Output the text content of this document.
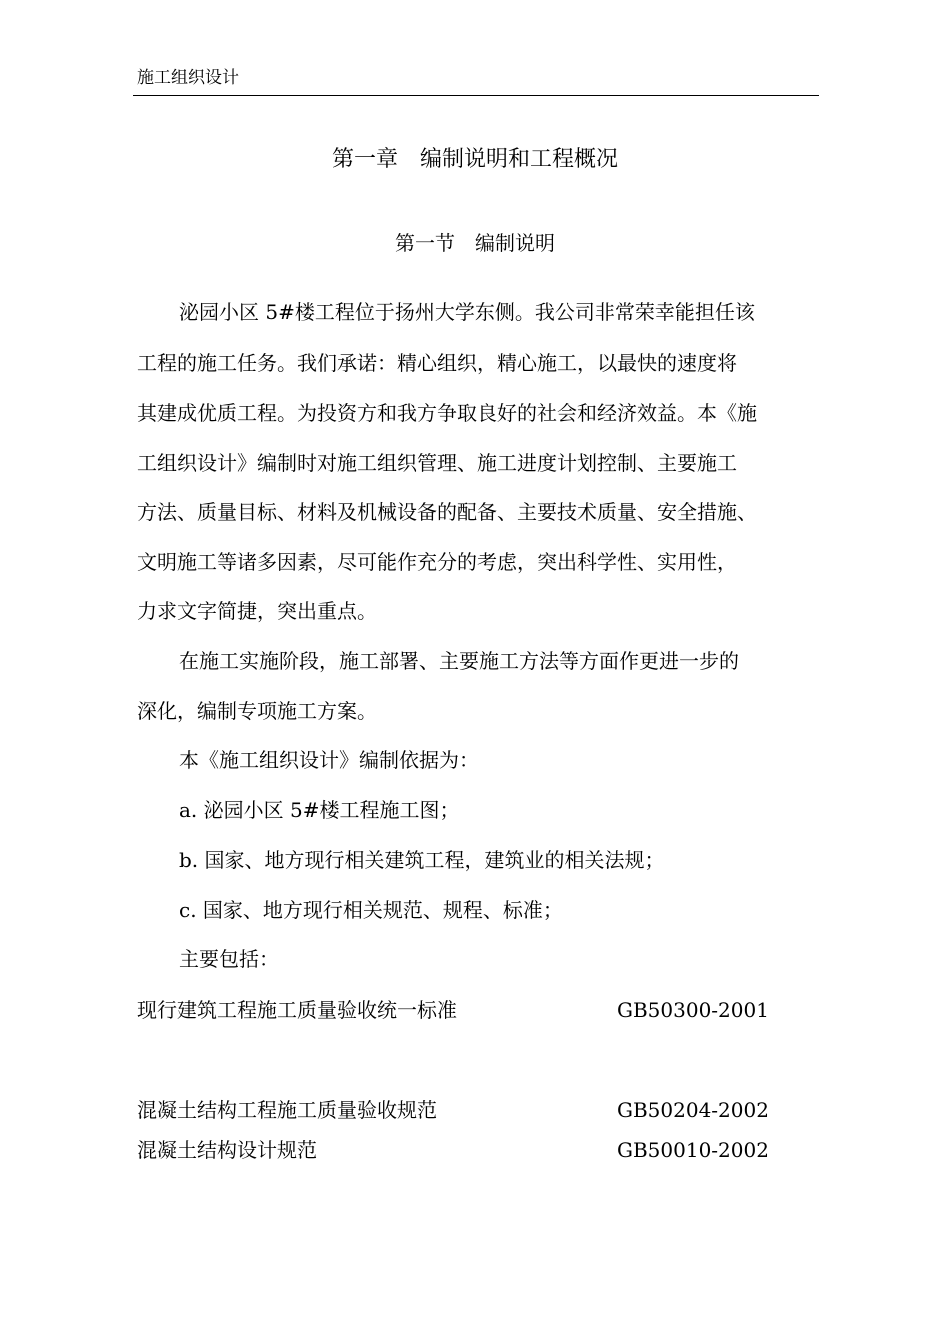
施工组织设计
第一章　编制说明和工程概况
第一节　编制说明
泌园小区 5#楼工程位于扬州大学东侧。我公司非常荣幸能担任该
工程的施工任务。我们承诺：精心组织，精心施工，以最快的速度将
其建成优质工程。为投资方和我方争取良好的社会和经济效益。本《施
工组织设计》编制时对施工组织管理、施工进度计划控制、主要施工
方法、质量目标、材料及机械设备的配备、主要技术质量、安全措施、
文明施工等诸多因素，尽可能作充分的考虑，突出科学性、实用性，
力求文字简捷，突出重点。
在施工实施阶段，施工部署、主要施工方法等方面作更进一步的
深化，编制专项施工方案。
本《施工组织设计》编制依据为：
a. 泌园小区 5#楼工程施工图；
b. 国家、地方现行相关建筑工程，建筑业的相关法规；
c. 国家、地方现行相关规范、规程、标准；
主要包括：
现行建筑工程施工质量验收统一标准	GB50300-2001
混凝土结构工程施工质量验收规范	GB50204-2002
混凝土结构设计规范	GB50010-2002
